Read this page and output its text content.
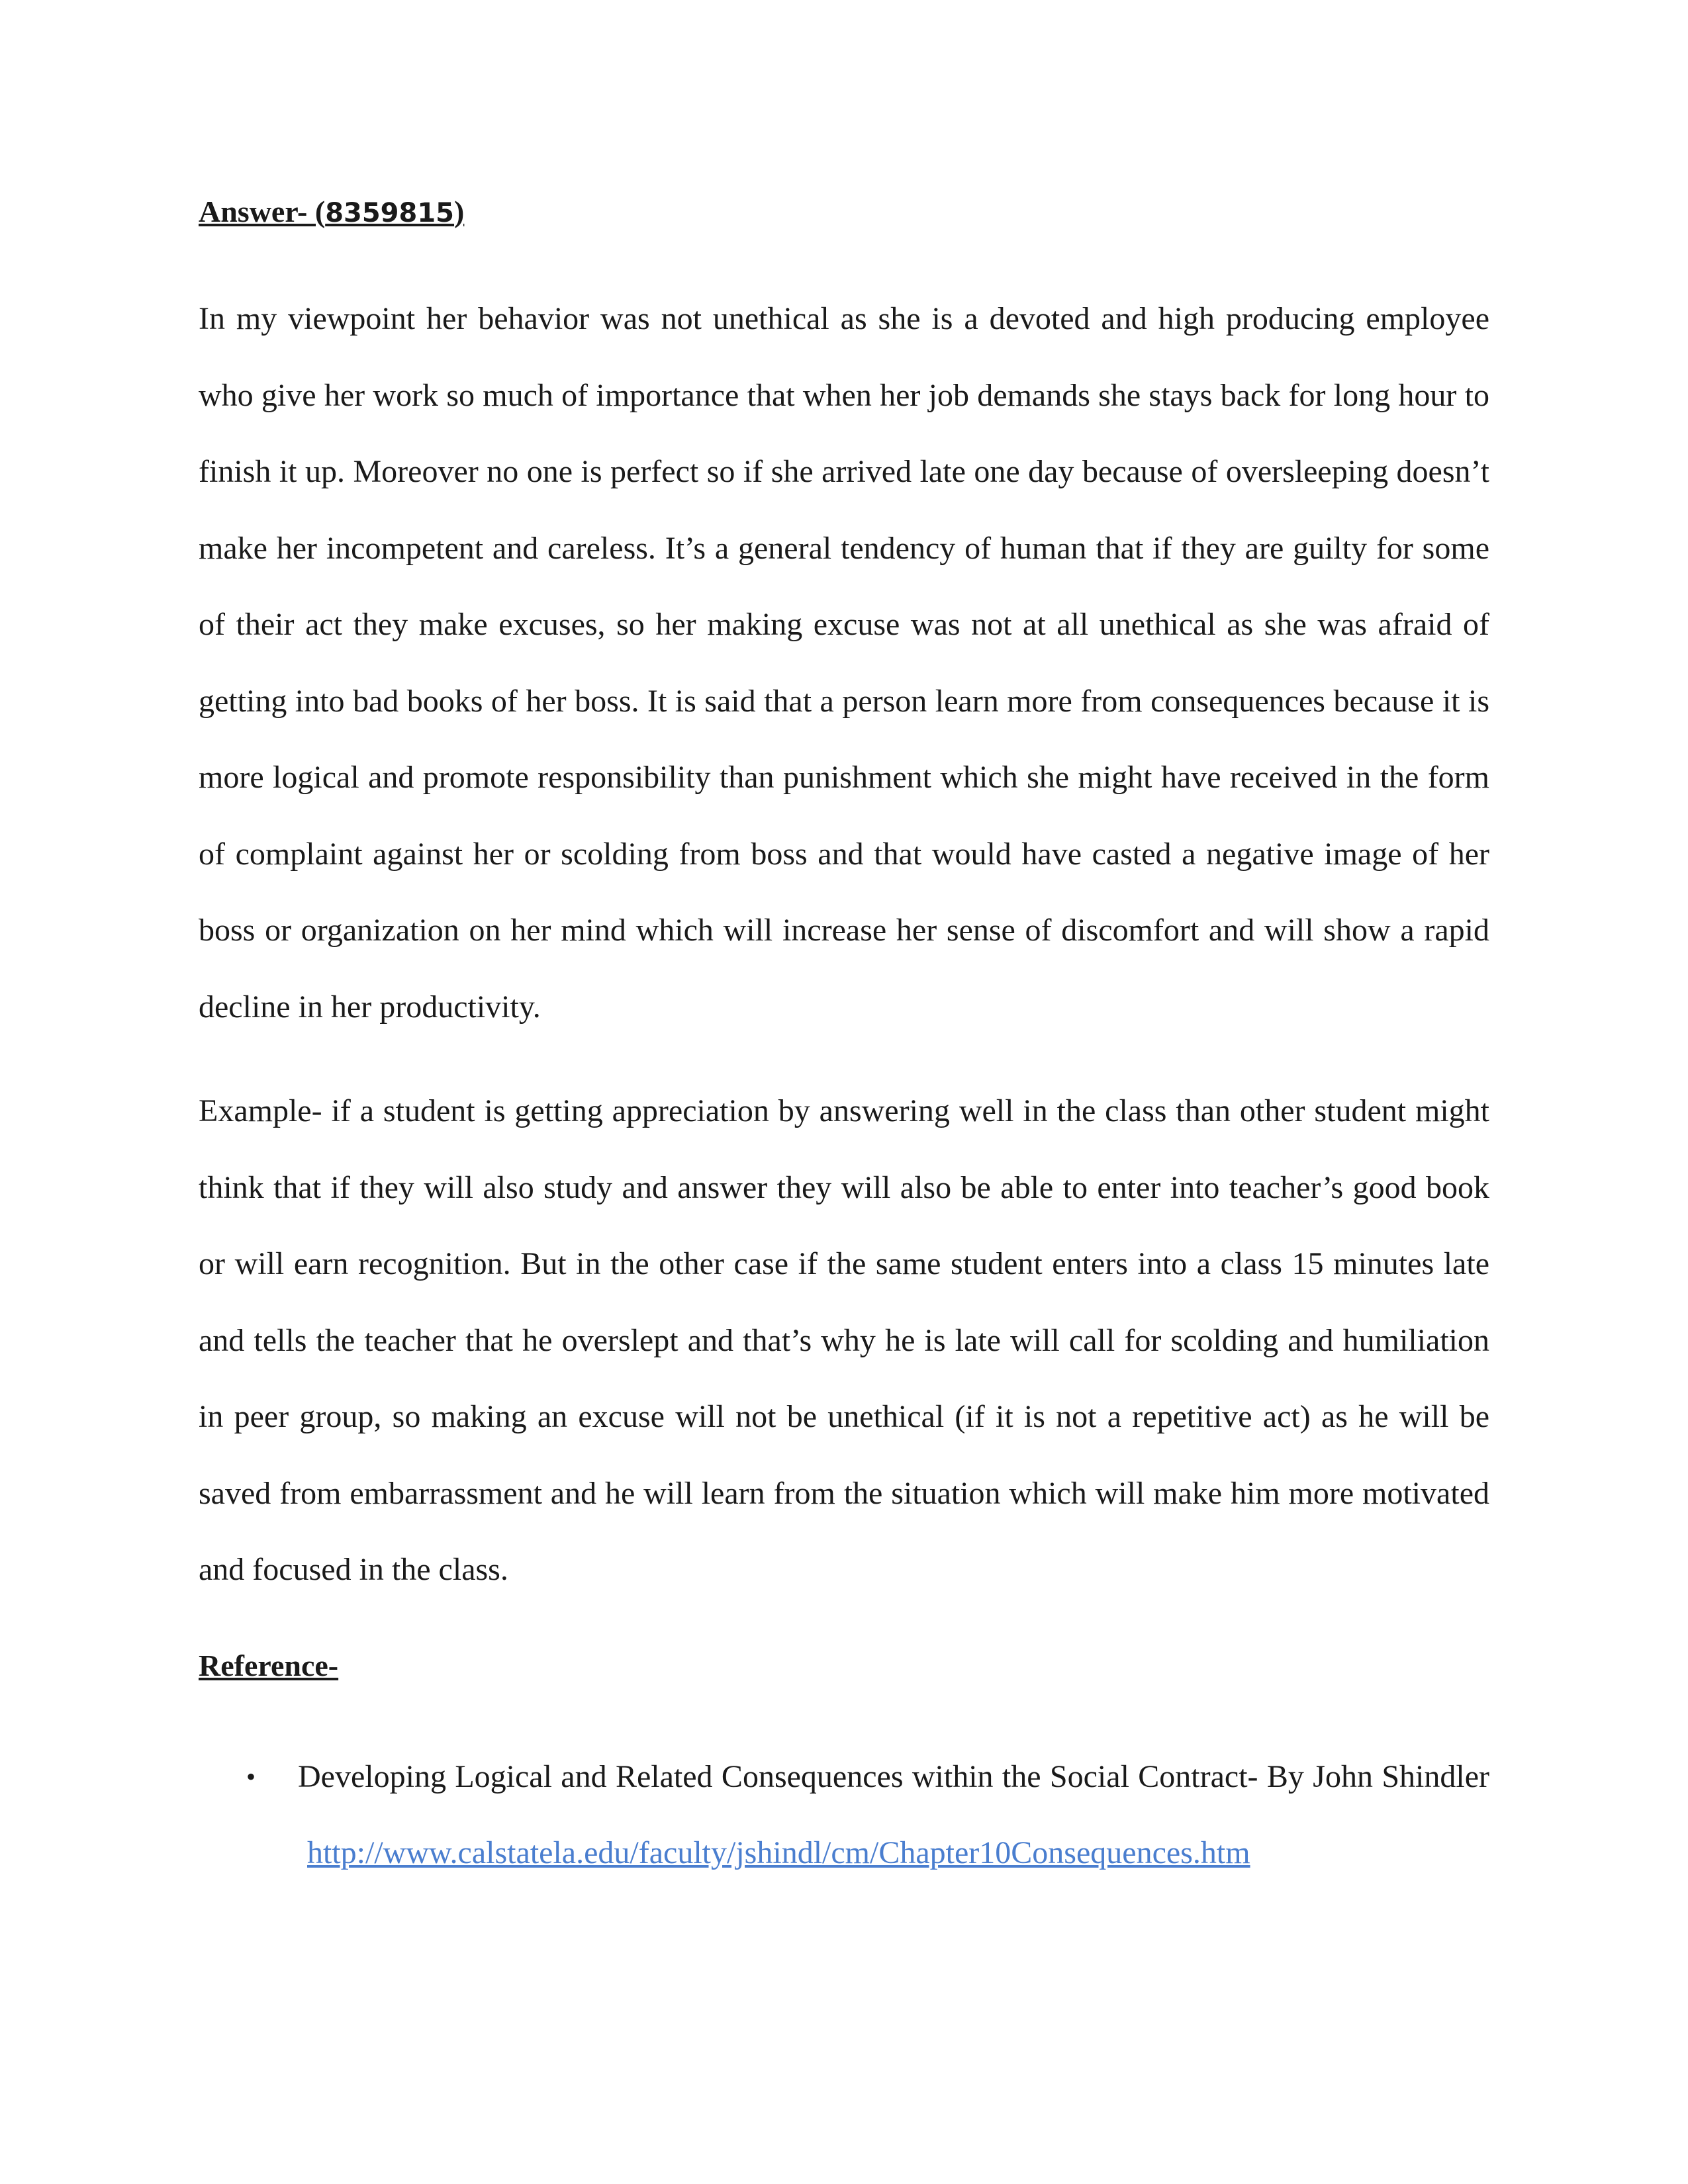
Answer- (8359815)

In my viewpoint her behavior was not unethical as she is a devoted and high producing employee who give her work so much of importance that when her job demands she stays back for long hour to finish it up. Moreover no one is perfect so if she arrived late one day because of oversleeping doesn’t make her incompetent and careless. It’s a general tendency of human that if they are guilty for some of their act they make excuses, so her making excuse was not at all unethical as she was afraid of getting into bad books of her boss. It is said that a person learn more from consequences because it is more logical and promote responsibility than punishment which she might have received in the form of complaint against her or scolding from boss and that would have casted a negative image of her boss or organization on her mind which will increase her sense of discomfort and will show a rapid decline in her productivity.

Example- if a student is getting appreciation by answering well in the class than other student might think that if they will also study and answer they will also be able to enter into teacher’s good book or will earn recognition. But in the other case if the same student enters into a class 15 minutes late and tells the teacher that he overslept and that’s why he is late will call for scolding and humiliation in peer group, so making an excuse will not be unethical (if it is not a repetitive act) as he will be saved from embarrassment and he will learn from the situation which will make him more motivated and focused in the class.

Reference-
• Developing Logical and Related Consequences within the Social Contract- By John Shindler http://www.calstatela.edu/faculty/jshindl/cm/Chapter10Consequences.htm
